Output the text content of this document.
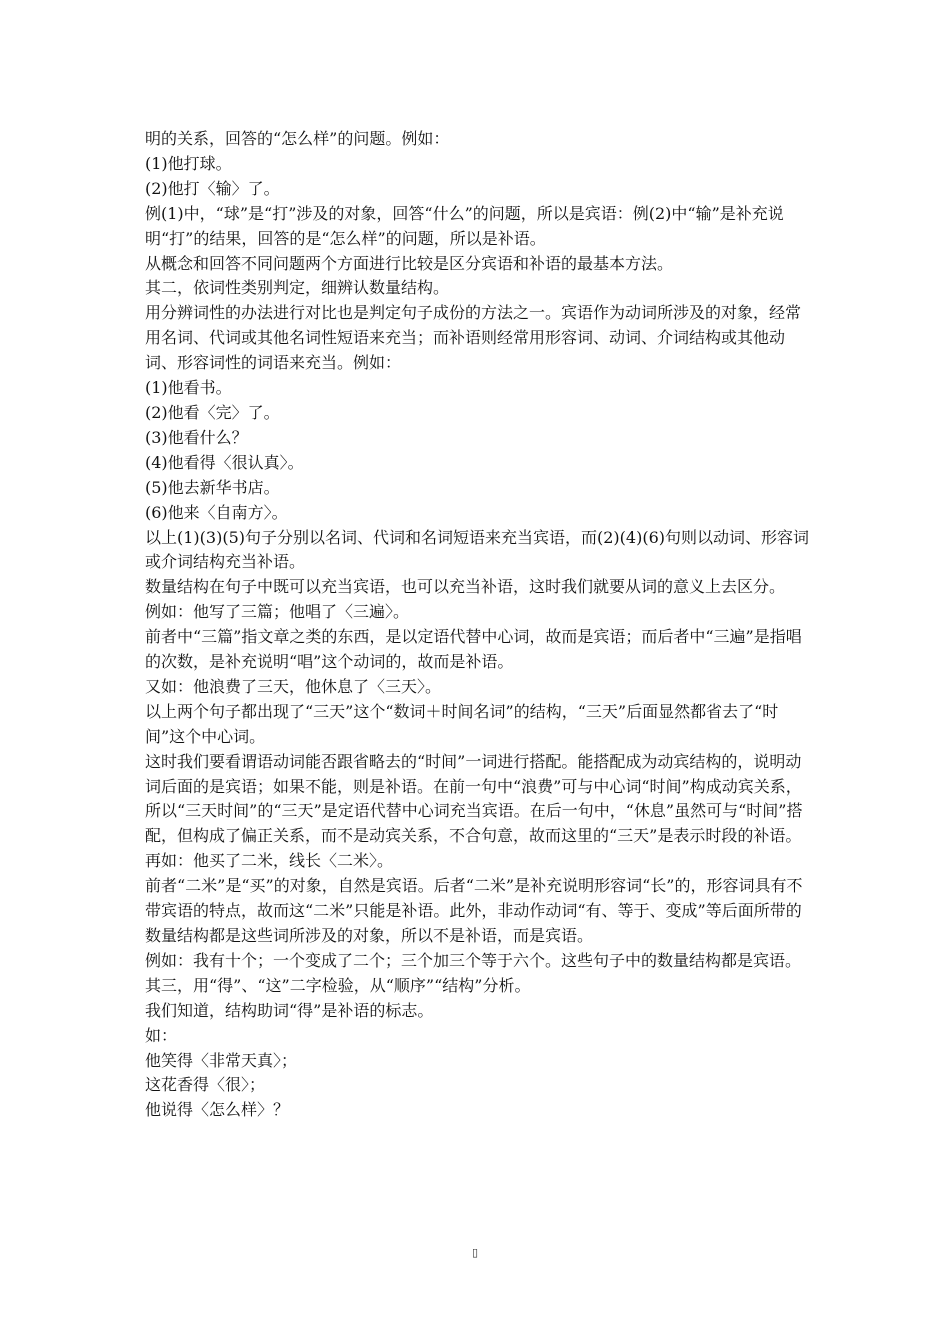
明的关系，回答的“怎么样”的问题。例如：

(1)他打球。

(2)他打〈输〉了。

例(1)中，“球”是“打”涉及的对象，回答“什么”的问题，所以是宾语：例(2)中“输”是补充说明“打”的结果，回答的是“怎么样”的问题，所以是补语。

从概念和回答不同问题两个方面进行比较是区分宾语和补语的最基本方法。

其二，依词性类别判定，细辨认数量结构。

用分辨词性的办法进行对比也是判定句子成份的方法之一。宾语作为动词所涉及的对象，经常用名词、代词或其他名词性短语来充当；而补语则经常用形容词、动词、介词结构或其他动词、形容词性的词语来充当。例如：

(1)他看书。

(2)他看〈完〉了。

(3)他看什么？

(4)他看得〈很认真〉。

(5)他去新华书店。

(6)他来〈自南方〉。

以上(1)(3)(5)句子分别以名词、代词和名词短语来充当宾语，而(2)(4)(6)句则以动词、形容词或介词结构充当补语。

数量结构在句子中既可以充当宾语，也可以充当补语，这时我们就要从词的意义上去区分。

例如：他写了三篇；他唱了〈三遍〉。

前者中“三篇”指文章之类的东西，是以定语代替中心词，故而是宾语；而后者中“三遍”是指唱的次数，是补充说明“唱”这个动词的，故而是补语。

又如：他浪费了三天，他休息了〈三天〉。

以上两个句子都出现了“三天”这个“数词＋时间名词”的结构，“三天”后面显然都省去了“时间”这个中心词。

这时我们要看谓语动词能否跟省略去的“时间”一词进行搭配。能搭配成为动宾结构的，说明动词后面的是宾语；如果不能，则是补语。在前一句中“浪费”可与中心词“时间”构成动宾关系，所以“三天时间”的“三天”是定语代替中心词充当宾语。在后一句中，“休息”虽然可与“时间”搭配，但构成了偏正关系，而不是动宾关系，不合句意，故而这里的“三天”是表示时段的补语。

再如：他买了二米，线长〈二米〉。

前者“二米”是“买”的对象，自然是宾语。后者“二米”是补充说明形容词“长”的，形容词具有不带宾语的特点，故而这“二米”只能是补语。此外，非动作动词“有、等于、变成”等后面所带的数量结构都是这些词所涉及的对象，所以不是补语，而是宾语。

例如：我有十个；一个变成了二个；三个加三个等于六个。这些句子中的数量结构都是宾语。

其三，用“得”、“这”二字检验，从“顺序”“结构”分析。

我们知道，结构助词“得”是补语的标志。

如：

他笑得〈非常天真〉；

这花香得〈很〉；

他说得〈怎么样〉？

▯
